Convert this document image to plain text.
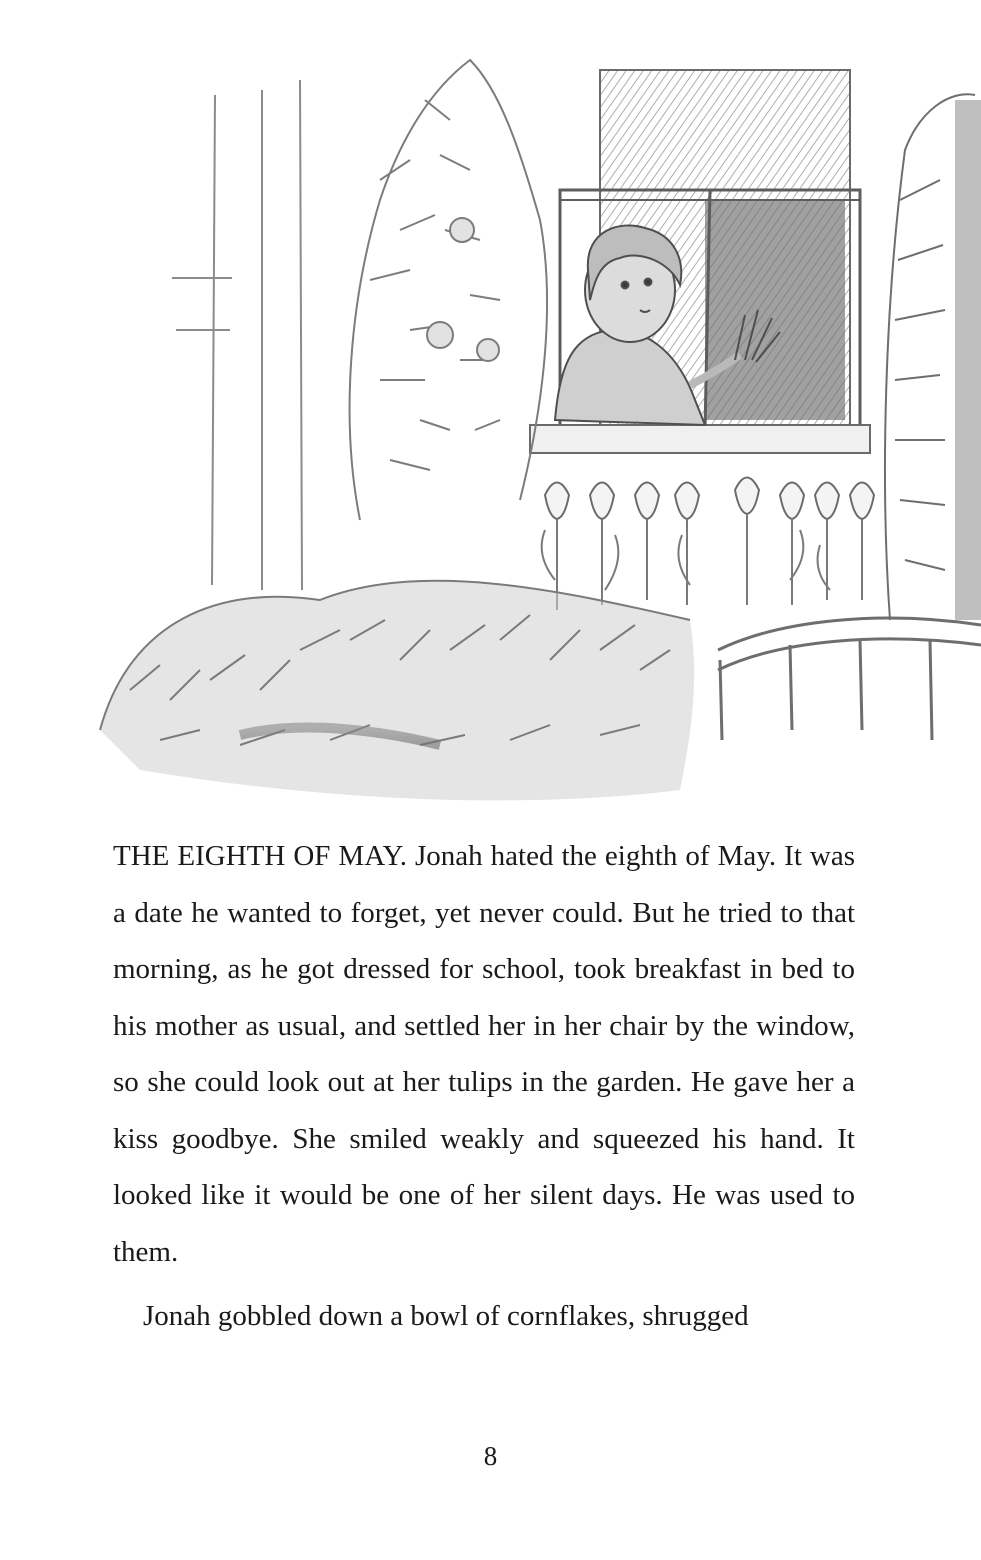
THE EIGHTH OF MAY. Jonah hated the eighth of May. It was a date he wanted to forget, yet never could. But he tried to that morning, as he got dressed for school, took breakfast in bed to his mother as usual, and settled her in her chair by the window, so she could look out at her tulips in the garden. He gave her a kiss goodbye. She smiled weakly and squeezed his hand. It looked like it would be one of her silent days. He was used to them.

Jonah gobbled down a bowl of cornflakes, shrugged

8
